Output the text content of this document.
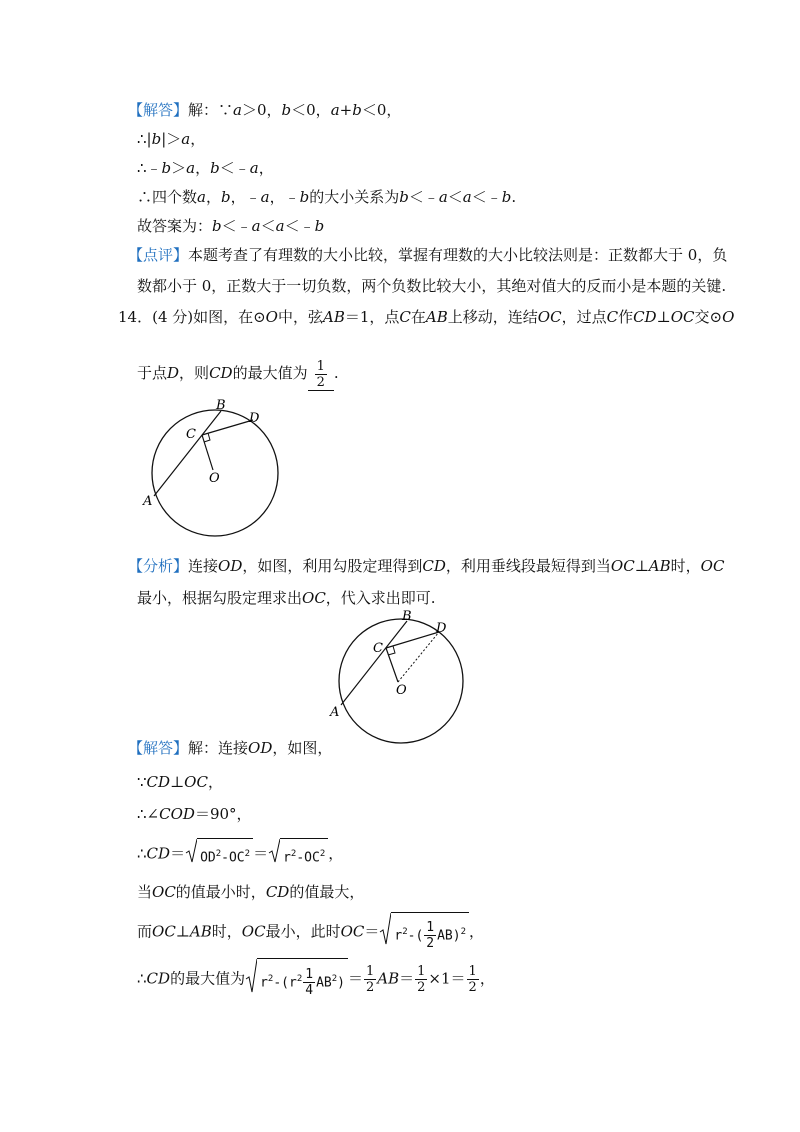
【解答】解：∵a＞0，b＜0，a+b＜0，
∴|b|＞a，
∴﹣b＞a，b＜﹣a，
∴四个数a，b，﹣a，﹣b的大小关系为b＜﹣a＜a＜﹣b.
故答案为：b＜﹣a＜a＜﹣b
【点评】本题考查了有理数的大小比较，掌握有理数的大小比较法则是：正数都大于 0，负
数都小于 0，正数大于一切负数，两个负数比较大小，其绝对值大的反而小是本题的关键.
14．(4 分)如图，在⊙O中，弦AB＝1，点C在AB上移动，连结OC，过点C作CD⊥OC交⊙O
于点D，则CD的最大值为 $\frac{1}{2}$ .
B
D
C
O
A
【分析】连接OD，如图，利用勾股定理得到CD，利用垂线段最短得到当OC⊥AB时，OC
最小，根据勾股定理求出OC，代入求出即可.
B
D
C
O
A
【解答】解：连接OD，如图，
∵CD⊥OC，
∴∠COD＝90°，
∴CD＝ $OD^2-OC^2 = r^2-OC^2$ ，
当OC的值最小时，CD的值最大，
而OC⊥AB时，OC最小，此时$OC= r^2-( \frac{1}{2} AB)^2$ ，
∴CD的最大值为 $r^2-(r^2 \frac{1}{4} AB^2) = \frac{1}{2} AB= \frac{1}{2} \times 1= \frac{1}{2}$ ，
